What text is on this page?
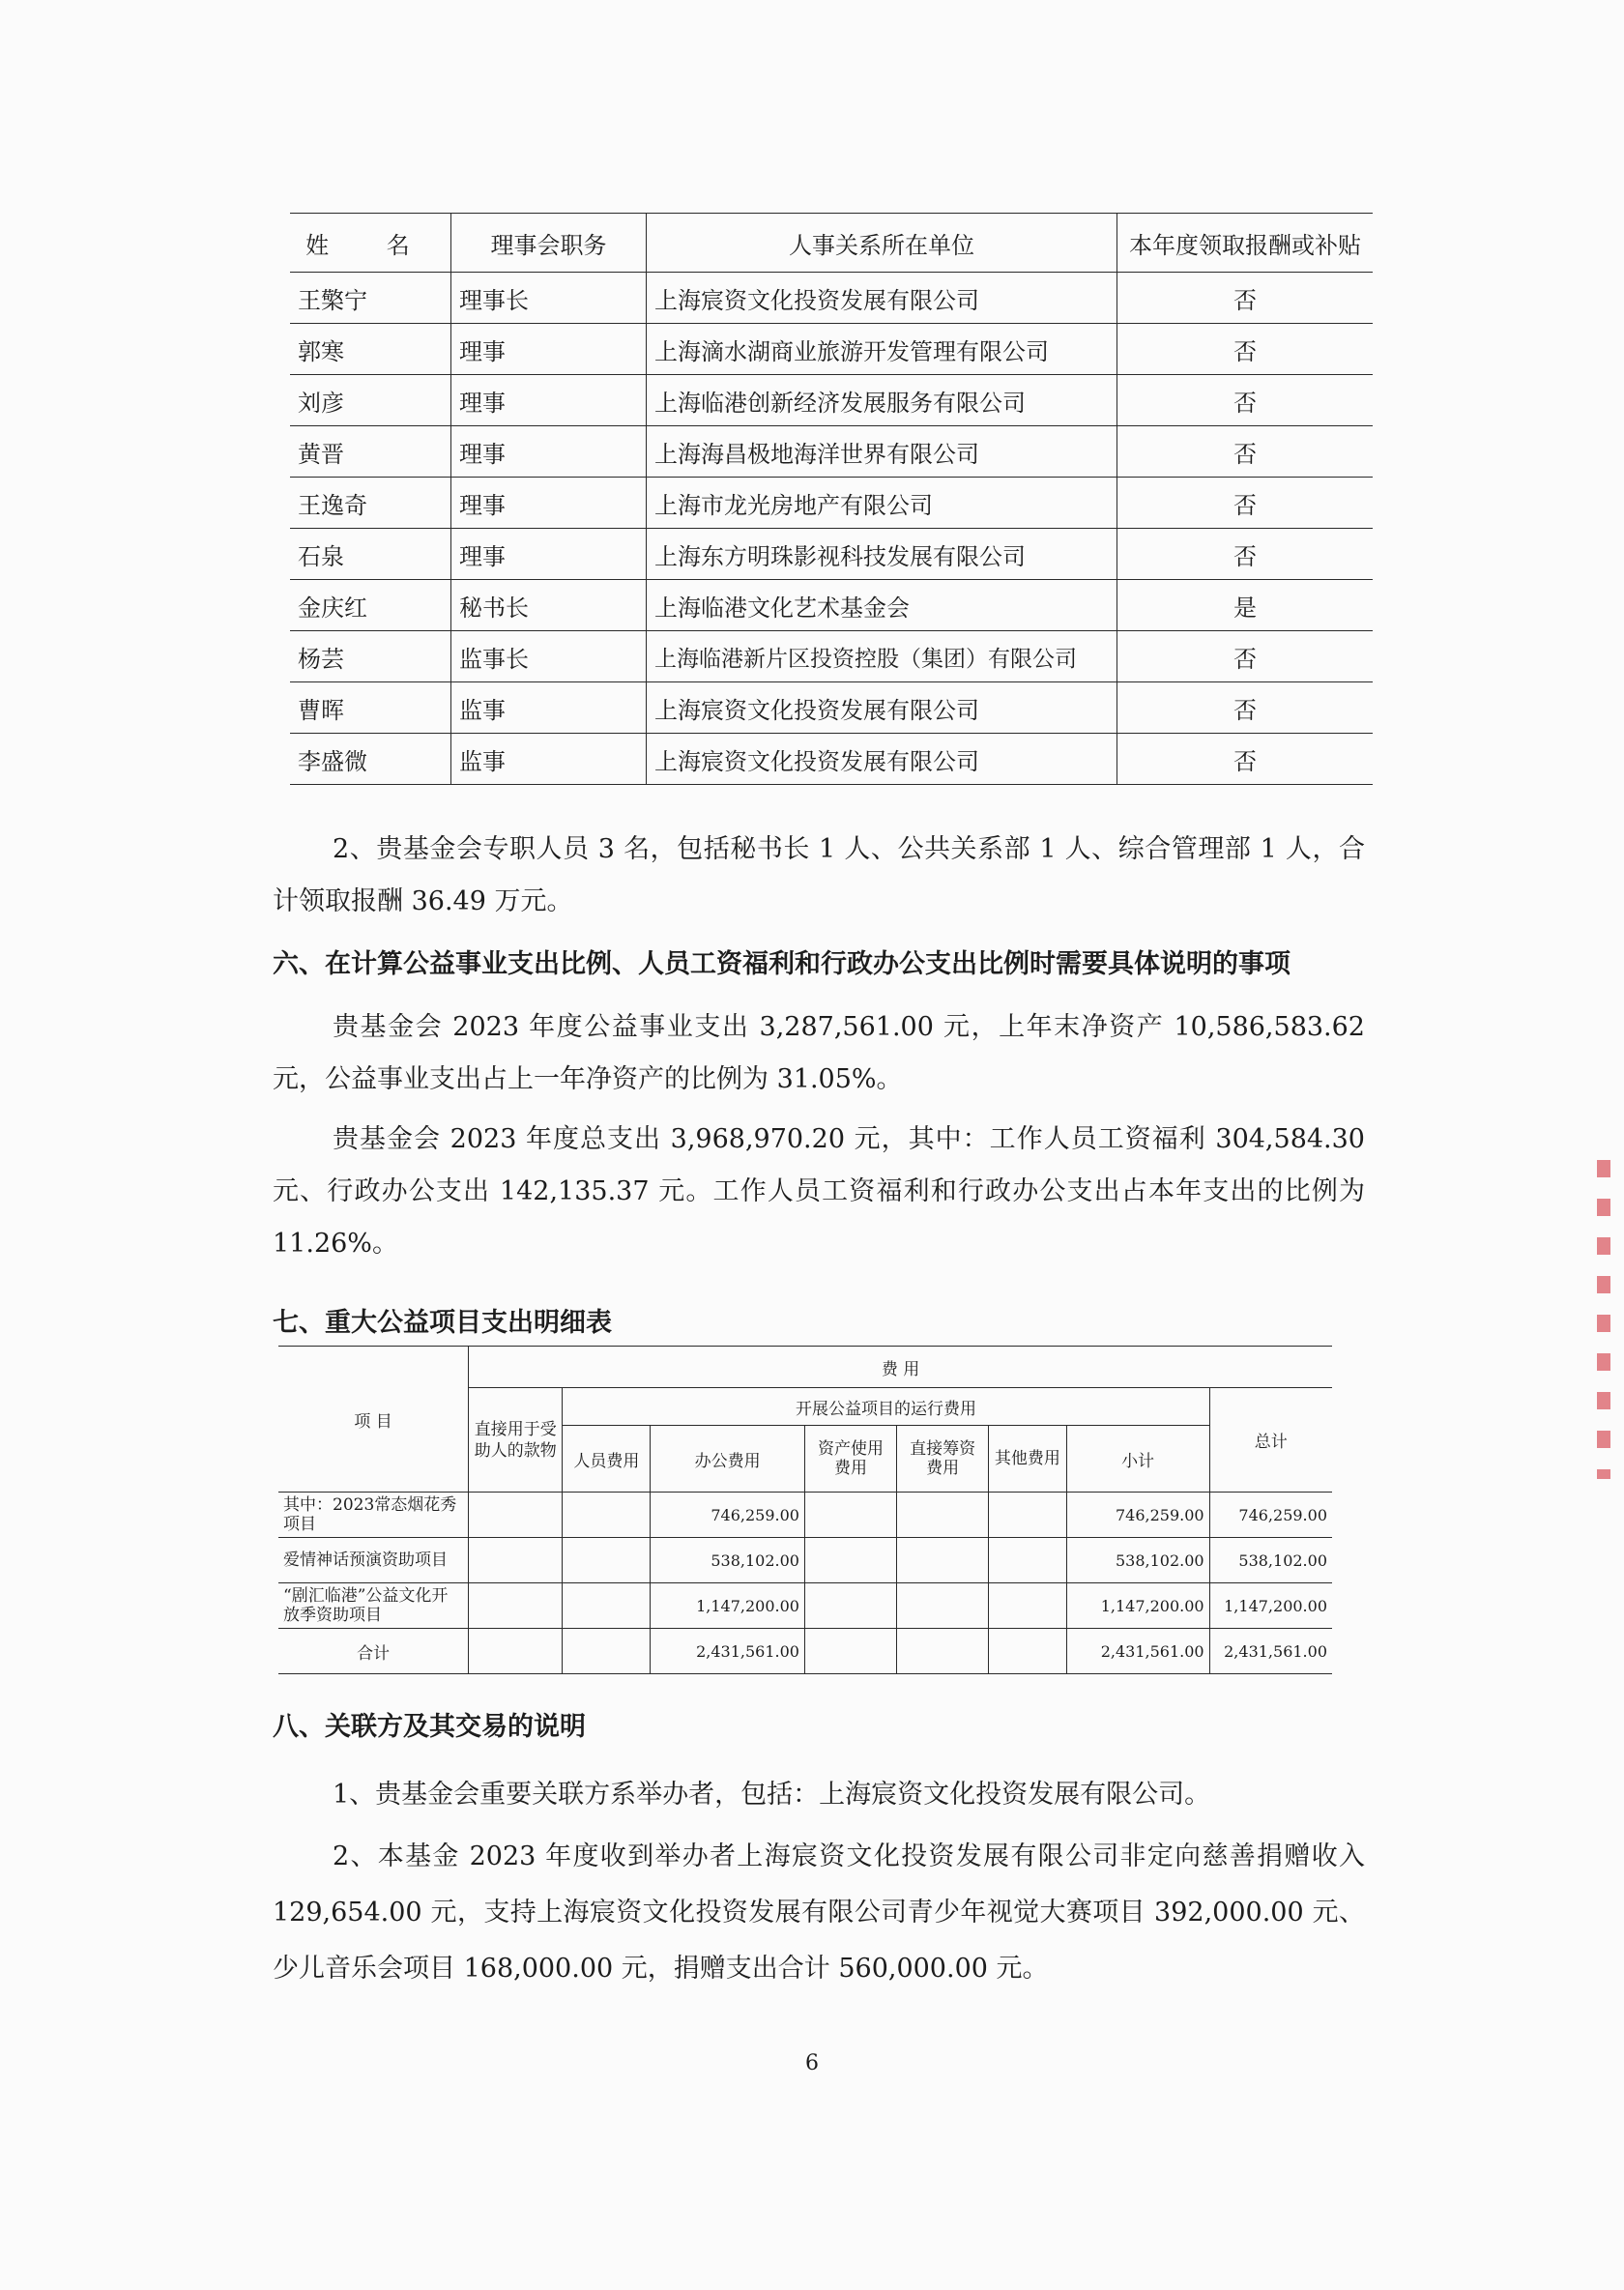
姓 名	理事会职务	人事关系所在单位	本年度领取报酬或补贴
王檠宁	理事长	上海宸资文化投资发展有限公司	否
郭寒	理事	上海滴水湖商业旅游开发管理有限公司	否
刘彦	理事	上海临港创新经济发展服务有限公司	否
黄晋	理事	上海海昌极地海洋世界有限公司	否
王逸奇	理事	上海市龙光房地产有限公司	否
石泉	理事	上海东方明珠影视科技发展有限公司	否
金庆红	秘书长	上海临港文化艺术基金会	是
杨芸	监事长	上海临港新片区投资控股（集团）有限公司	否
曹晖	监事	上海宸资文化投资发展有限公司	否
李盛微	监事	上海宸资文化投资发展有限公司	否

2、贵基金会专职人员 3 名，包括秘书长 1 人、公共关系部 1 人、综合管理部 1 人，合计领取报酬 36.49 万元。

六、在计算公益事业支出比例、人员工资福利和行政办公支出比例时需要具体说明的事项

贵基金会 2023 年度公益事业支出 3,287,561.00 元，上年末净资产 10,586,583.62 元，公益事业支出占上一年净资产的比例为 31.05%。

贵基金会 2023 年度总支出 3,968,970.20 元，其中：工作人员工资福利 304,584.30 元、行政办公支出 142,135.37 元。工作人员工资福利和行政办公支出占本年支出的比例为 11.26%。

七、重大公益项目支出明细表

项 目	费 用							
	直接用于受助人的款物	开展公益项目的运行费用						总计
		人员费用	办公费用	资产使用 费用	直接筹资费用	其他费用	小计	
其中：2023常态烟花秀项目			746,259.00				746,259.00	746,259.00
爱情神话预演资助项目			538,102.00				538,102.00	538,102.00
“剧汇临港”公益文化开放季资助项目			1,147,200.00				1,147,200.00	1,147,200.00
合计			2,431,561.00				2,431,561.00	2,431,561.00

八、关联方及其交易的说明

1、贵基金会重要关联方系举办者，包括：上海宸资文化投资发展有限公司。

2、本基金 2023 年度收到举办者上海宸资文化投资发展有限公司非定向慈善捐赠收入 129,654.00 元，支持上海宸资文化投资发展有限公司青少年视觉大赛项目 392,000.00 元、少儿音乐会项目 168,000.00 元，捐赠支出合计 560,000.00 元。

6
